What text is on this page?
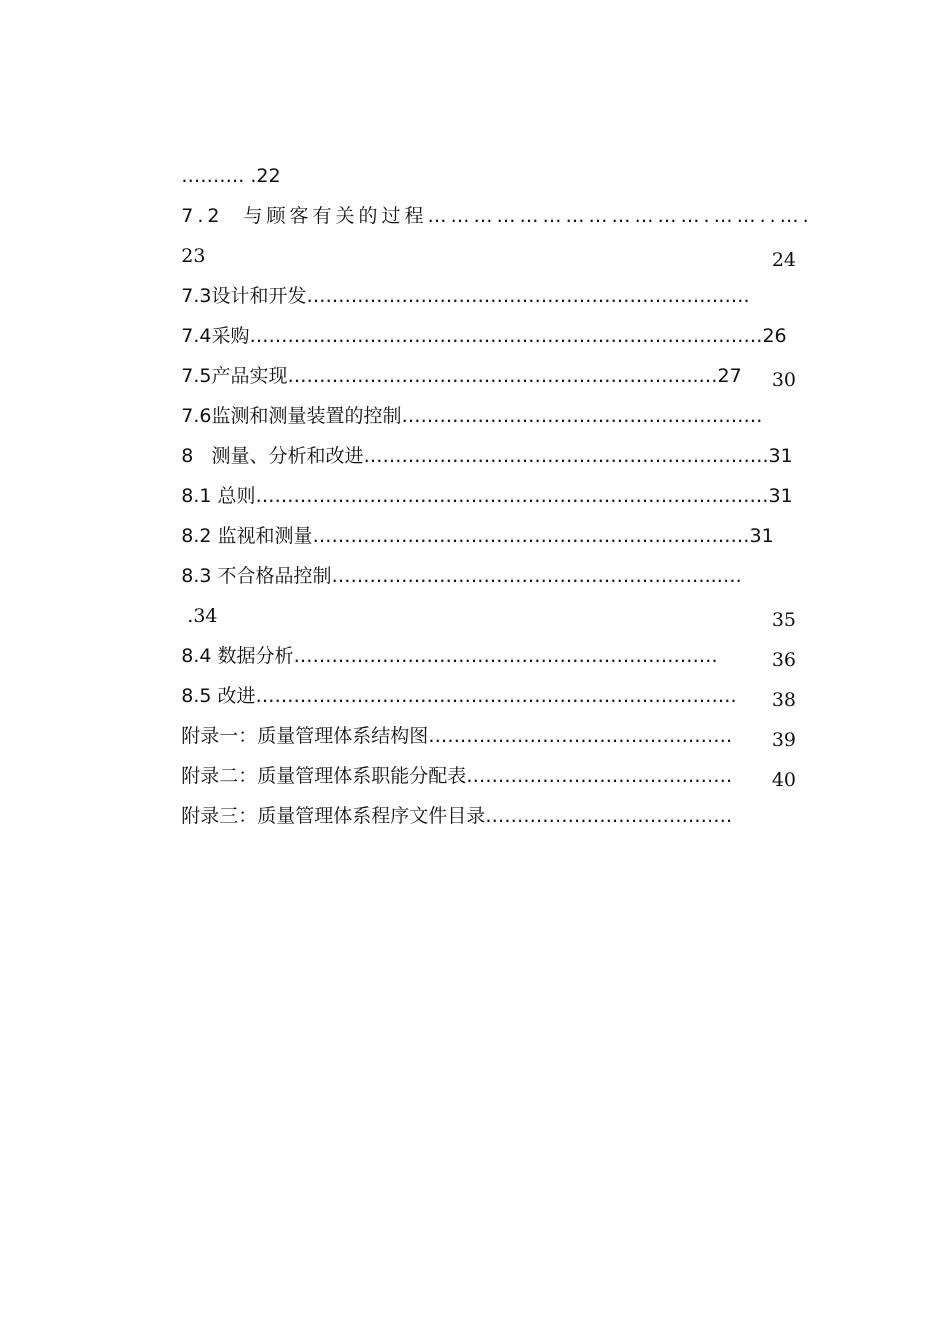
………. .22

7.2  与顾客有关的过程……………………………….……..….

23

7.3设计和开发…………………………………………………………….

24

7.4采购………………………………………………………………………26

7.5产品实现………………………………………………………..…27

7.6监测和测量装置的控制…………………………………………………

30

8   测量、分析和改进……………………………………………………….31

8.1 总则………………………………………………………………………31

8.2 监视和测量……………………………………………………………31

8.3 不合格品控制………………………………………………..…..….

.34

8.4 数据分析………………………………………………………….

35

8.5 改进………………………………………………………………….

36

附录一：质量管理体系结构图…………………………………………

38

附录二：质量管理体系职能分配表……………………………………

39

附录三：质量管理体系程序文件目录…………………………………

40
